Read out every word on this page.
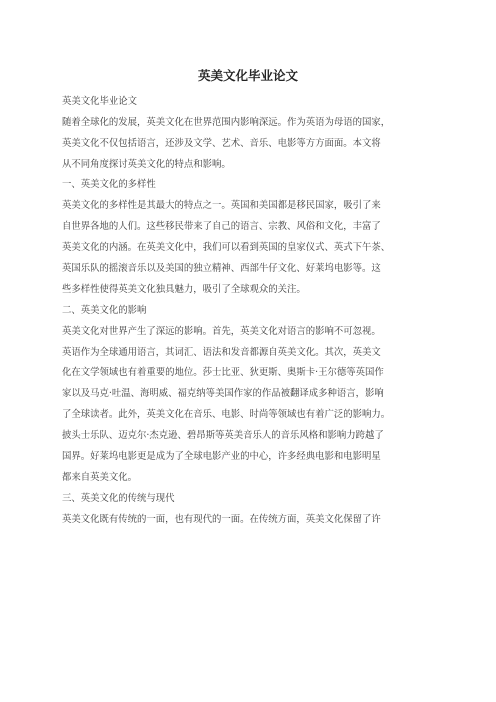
英美文化毕业论文
英美文化毕业论文
随着全球化的发展，英美文化在世界范围内影响深远。作为英语为母语的国家，
英美文化不仅包括语言，还涉及文学、艺术、音乐、电影等方方面面。本文将
从不同角度探讨英美文化的特点和影响。
一、英美文化的多样性
英美文化的多样性是其最大的特点之一。英国和美国都是移民国家，吸引了来
自世界各地的人们。这些移民带来了自己的语言、宗教、风俗和文化，丰富了
英美文化的内涵。在英美文化中，我们可以看到英国的皇家仪式、英式下午茶、
英国乐队的摇滚音乐以及美国的独立精神、西部牛仔文化、好莱坞电影等。这
些多样性使得英美文化独具魅力，吸引了全球观众的关注。
二、英美文化的影响
英美文化对世界产生了深远的影响。首先，英美文化对语言的影响不可忽视。
英语作为全球通用语言，其词汇、语法和发音都源自英美文化。其次，英美文
化在文学领域也有着重要的地位。莎士比亚、狄更斯、奥斯卡·王尔德等英国作
家以及马克·吐温、海明威、福克纳等美国作家的作品被翻译成多种语言，影响
了全球读者。此外，英美文化在音乐、电影、时尚等领域也有着广泛的影响力。
披头士乐队、迈克尔·杰克逊、碧昂斯等英美音乐人的音乐风格和影响力跨越了
国界。好莱坞电影更是成为了全球电影产业的中心，许多经典电影和电影明星
都来自英美文化。
三、英美文化的传统与现代
英美文化既有传统的一面，也有现代的一面。在传统方面，英美文化保留了许
